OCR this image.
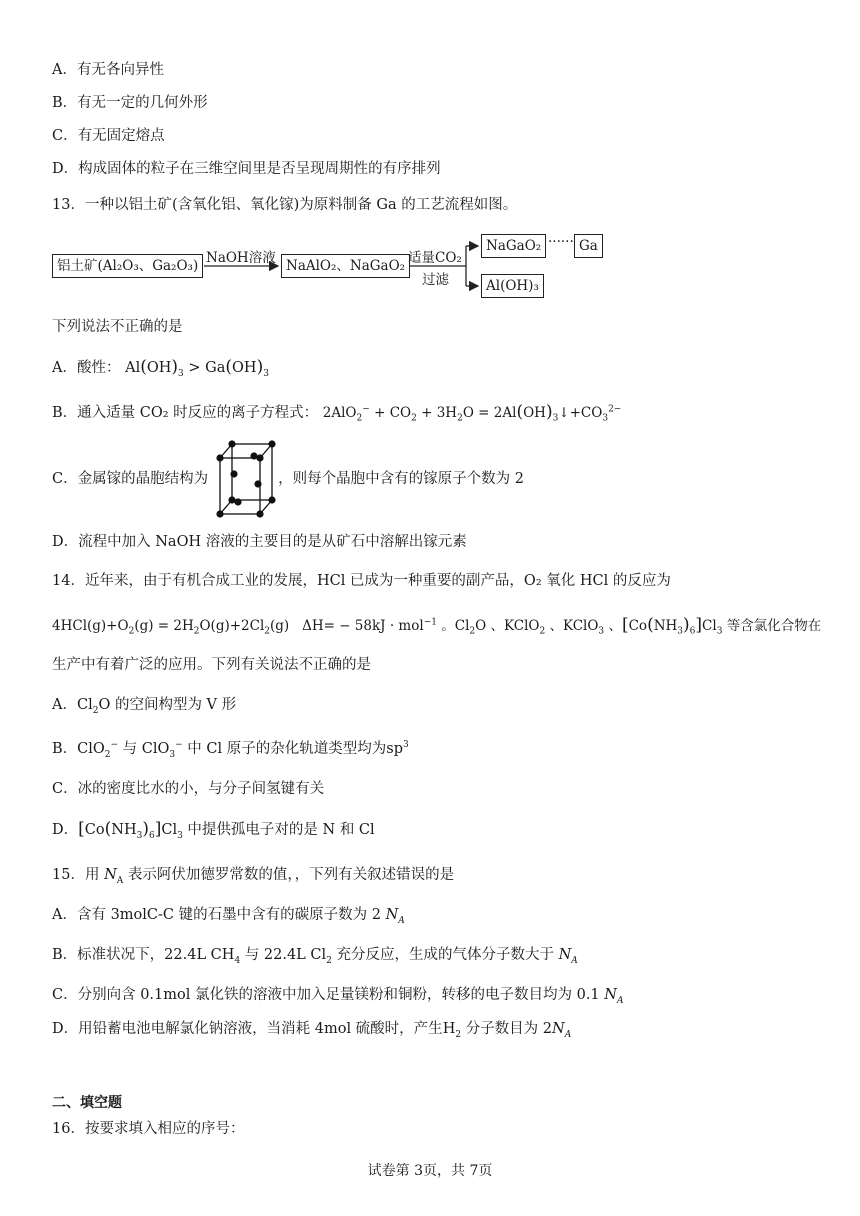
A．有无各向异性
B．有无一定的几何外形
C．有无固定熔点
D．构成固体的粒子在三维空间里是否呈现周期性的有序排列
13．一种以铝土矿(含氧化铝、氧化镓)为原料制备 Ga 的工艺流程如图。
铝土矿(Al₂O₃、Ga₂O₃) NaOH溶液 NaAlO₂、NaGaO₂ 适量CO₂
过滤
NaGaO₂ ······ Ga
Al(OH)₃
下列说法不正确的是
A．酸性： $Al(OH)_3 > Ga(OH)_3$
B．通入适量 CO₂ 时反应的离子方程式： $2AlO_2^- + CO_2 + 3H_2O$ = $2Al(OH)_3↓+CO_3^{2-}$
C．金属镓的晶胞结构为	，则每个晶胞中含有的镓原子个数为 2
D．流程中加入 NaOH 溶液的主要目的是从矿石中溶解出镓元素
14．近年来，由于有机合成工业的发展，HCl 已成为一种重要的副产品，O₂ 氧化 HCl 的反应为
$4HCl(g)+O_2(g) = 2H_2O(g)+2Cl_2(g) \Delta H= - 58kJ \cdot mol^{-1}$ 。$Cl_2O$ 、KClO$_2$ 、KClO$_3$ 、$[Co(NH_3)_6]Cl_3$ 等含氯化合物在
生产中有着广泛的应用。下列有关说法不正确的是
A．$Cl_2O$ 的空间构型为 V 形
B．ClO$_2$− 与 ClO$_3$− 中 Cl 原子的杂化轨道类型均为$sp^3$
C．冰的密度比水的小，与分子间氢键有关
D．$[Co(NH_3)_6]Cl_3$ 中提供孤电子对的是 N 和 Cl
15．用 $N_A$ 表示阿伏加德罗常数的值，，下列有关叙述错误的是
A．含有 3molC-C 键的石墨中含有的碳原子数为 2 $N_A$
B．标准状况下，22.4L $CH_4$ 与 22.4L $Cl_2$ 充分反应，生成的气体分子数大于 $N_A$
C．分别向含 0.1mol 氯化铁的溶液中加入足量镁粉和铜粉，转移的电子数目均为 0.1 $N_A$
D．用铅蓄电池电解氯化钠溶液，当消耗 4mol 硫酸时，产生$H_2$ 分子数目为 $2N_A$
二、填空题
16．按要求填入相应的序号：
试卷第 3页，共 7页
